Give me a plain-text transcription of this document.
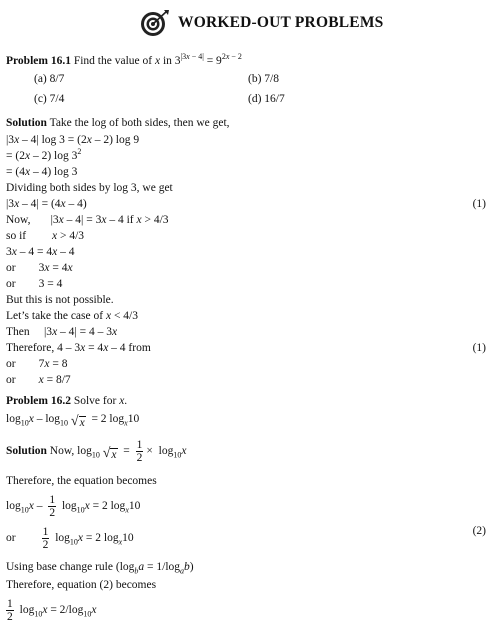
WORKED-OUT PROBLEMS
Problem 16.1 Find the value of x in $3^{|3x - 4|} = 9^{2x - 2}$
(a) 8/7	(b) 7/8
(c) 7/4	(d) 16/7
Solution Take the log of both sides, then we get,
|3x – 4| log 3 = (2x – 2) log 9
= (2x – 2) $\log 3^2$
= (4x – 4) log 3
Dividing both sides by log 3, we get
|3x – 4| = (4x – 4)	(1)
Now,       |3x – 4| = 3x – 4 if x > 4/3
so if         x > 4/3
3x – 4 = 4x – 4
or        3x = 4x
or        3 = 4
But this is not possible.
Let’s take the case of x < 4/3
Then     |3x – 4| = 4 – 3x
Therefore, 4 – 3x = 4x – 4 from	(1)
or        7x = 8
or        x = 8/7
Problem 16.2 Solve for x.
$\log_{10}x - \log_{10}$ √ x = 2 $\log_x10$
Solution Now, $\log_{10}$ √ $x = \frac{1}{2} \times \log_{10}x$
Therefore, the equation becomes
$\log_{10}x - \frac{1}{2} \log_{10}x = 2$ $\log_x10$
or $\frac{1}{2} \log_{10}x = 2$ $\log_x10$
(2)
Using base change rule $(\log_ba = 1/\log_ab)$
Therefore, equation (2) becomes
$\frac{1}{2} \log_{10}x = 2/\log_{10}x$
